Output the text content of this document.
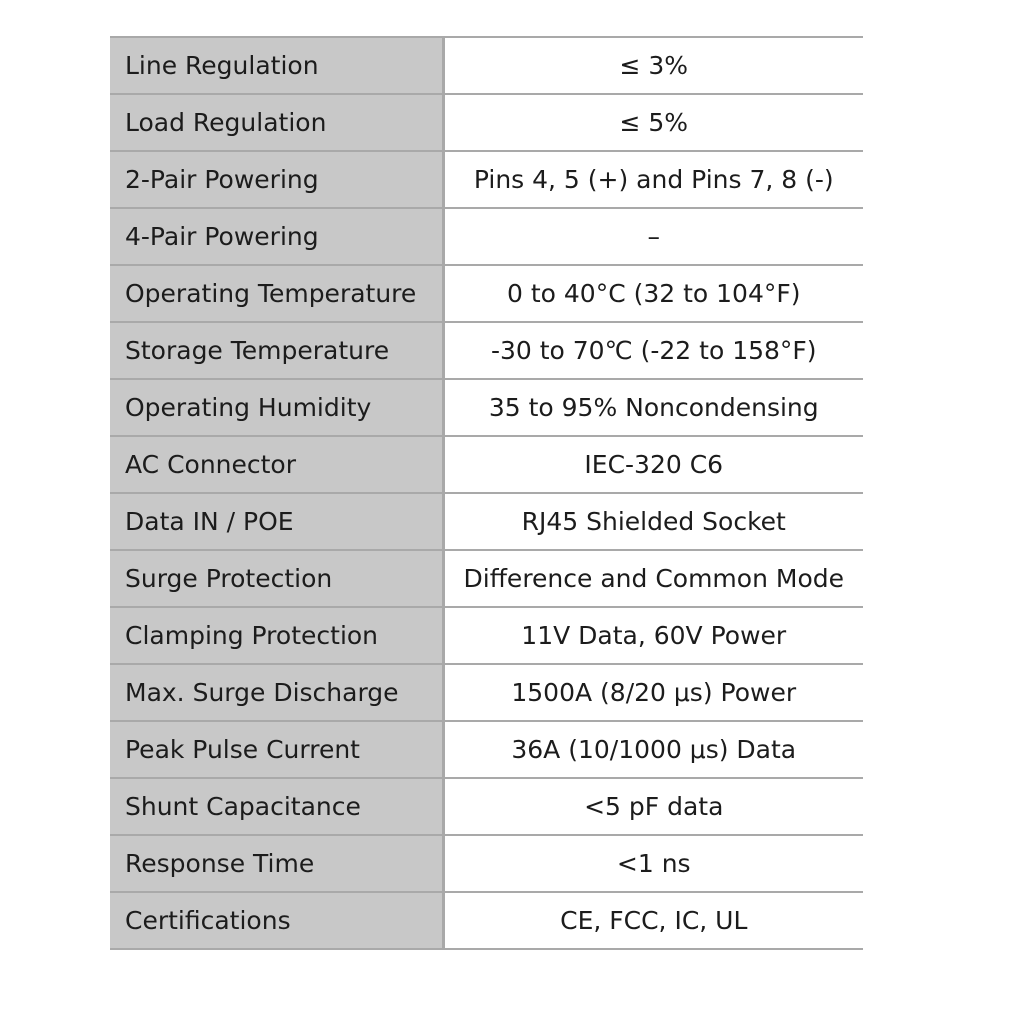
Line Regulation	≤ 3%
Load Regulation	≤ 5%
2-Pair Powering	Pins 4, 5 (+) and Pins 7, 8 (-)
4-Pair Powering	–
Operating Temperature	0 to 40°C (32 to 104°F)
Storage Temperature	-30 to 70℃ (-22 to 158°F)
Operating Humidity	35 to 95% Noncondensing
AC Connector	IEC-320 C6
Data IN / POE	RJ45 Shielded Socket
Surge Protection	Difference and Common Mode
Clamping Protection	11V Data, 60V Power
Max. Surge Discharge	1500A (8/20 μs) Power
Peak Pulse Current	36A (10/1000 μs) Data
Shunt Capacitance	<5 pF data
Response Time	<1 ns
Certifications	CE, FCC, IC, UL
